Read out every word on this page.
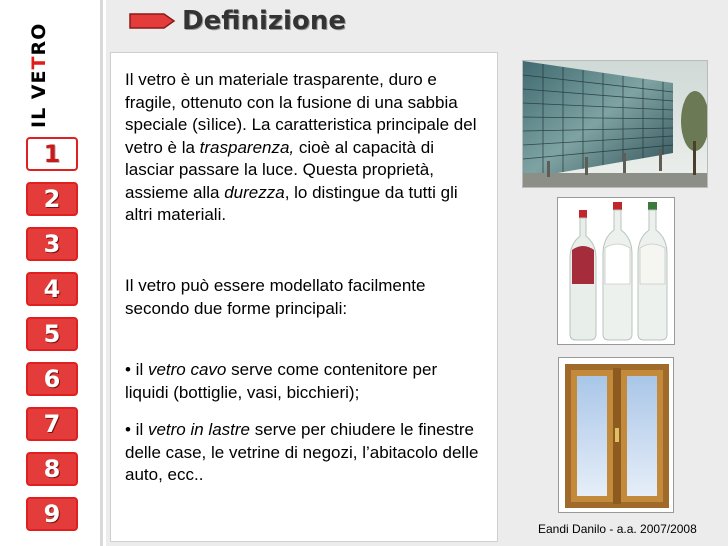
IL VETRO
1
2
3
4
5
6
7
8
9
Definizione

Il vetro è un materiale trasparente, duro e fragile, ottenuto con la fusione di una sabbia speciale (sìlice). La caratteristica principale del vetro è la trasparenza, cioè al capacità di lasciar passare la luce. Questa proprietà, assieme alla durezza, lo distingue da tutti gli altri materiali.

Il vetro può essere modellato facilmente secondo due forme principali:

• il vetro cavo serve come contenitore per liquidi (bottiglie, vasi, bicchieri);

• il vetro in lastre serve per chiudere le finestre delle case, le vetrine di negozi, l’abitacolo delle auto, ecc..

Eandi Danilo - a.a. 2007/2008
